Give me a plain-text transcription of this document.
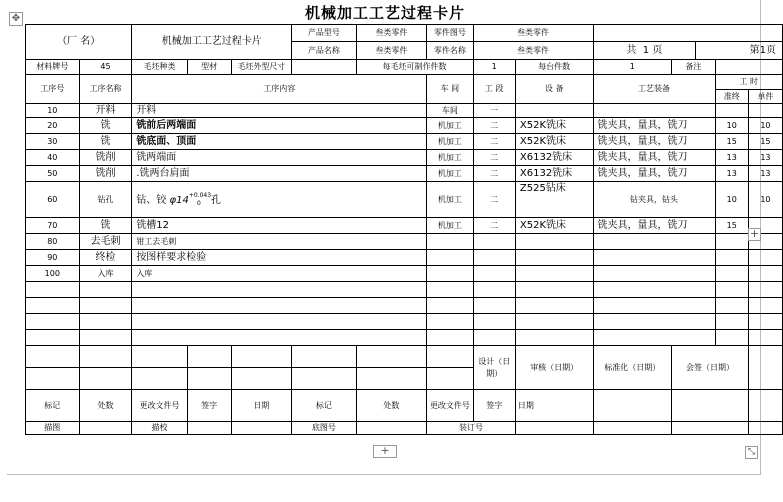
✥	机械加工工艺过程卡片
（厂 名）		机械加工工艺过程卡片			产品型号	叁类零件	零件图号	叁类零件						
					产品名称	叁类零件	零件名称	叁类零件		共 1 页		第1页		
材料牌号	45	毛坯种类	型材	毛坯外型尺寸		每毛坯可制作件数		1	每台件数	1	备注			
工序号	工序名称	工序内容					车 间	工 段	设 备	工艺装备			工 时	
													准终	单件
10	开料	开料					车间	一						
20	铣	铣前后两端面					机加工	二	X52K铣床	铣夹具，量具，铣刀			10	10
30	铣	铣底面、顶面					机加工	二	X52K铣床	铣夹具，量具，铣刀			15	15
40	铣削	铣两端面					机加工	二	X6132铣床	铣夹具，量具，铣刀			13	13
50	铣削	.铣两台肩面					机加工	二	X6132铣床	铣夹具，量具，铣刀			13	13
60	钻孔	钻、铰 $\varphi 14^{+0.043}_0$ 孔					机加工	二	Z525钻床	钻夹具，钻头			10	10
70	铣	铣槽12					机加工	二	X52K铣床	铣夹具，量具，铣刀			15	
80	去毛刺	钳工去毛刺												
90	终检	按图样要求检验												
100	入库	入库												

								设计（日期）	审核（日期）	标准化（日期）	会签（日期）			

标记	处数	更改文件号	签字	日期	标记	处数	更改文件号	签字	日期					
描图		描校			底图号		装订号							
+
+	⤡
